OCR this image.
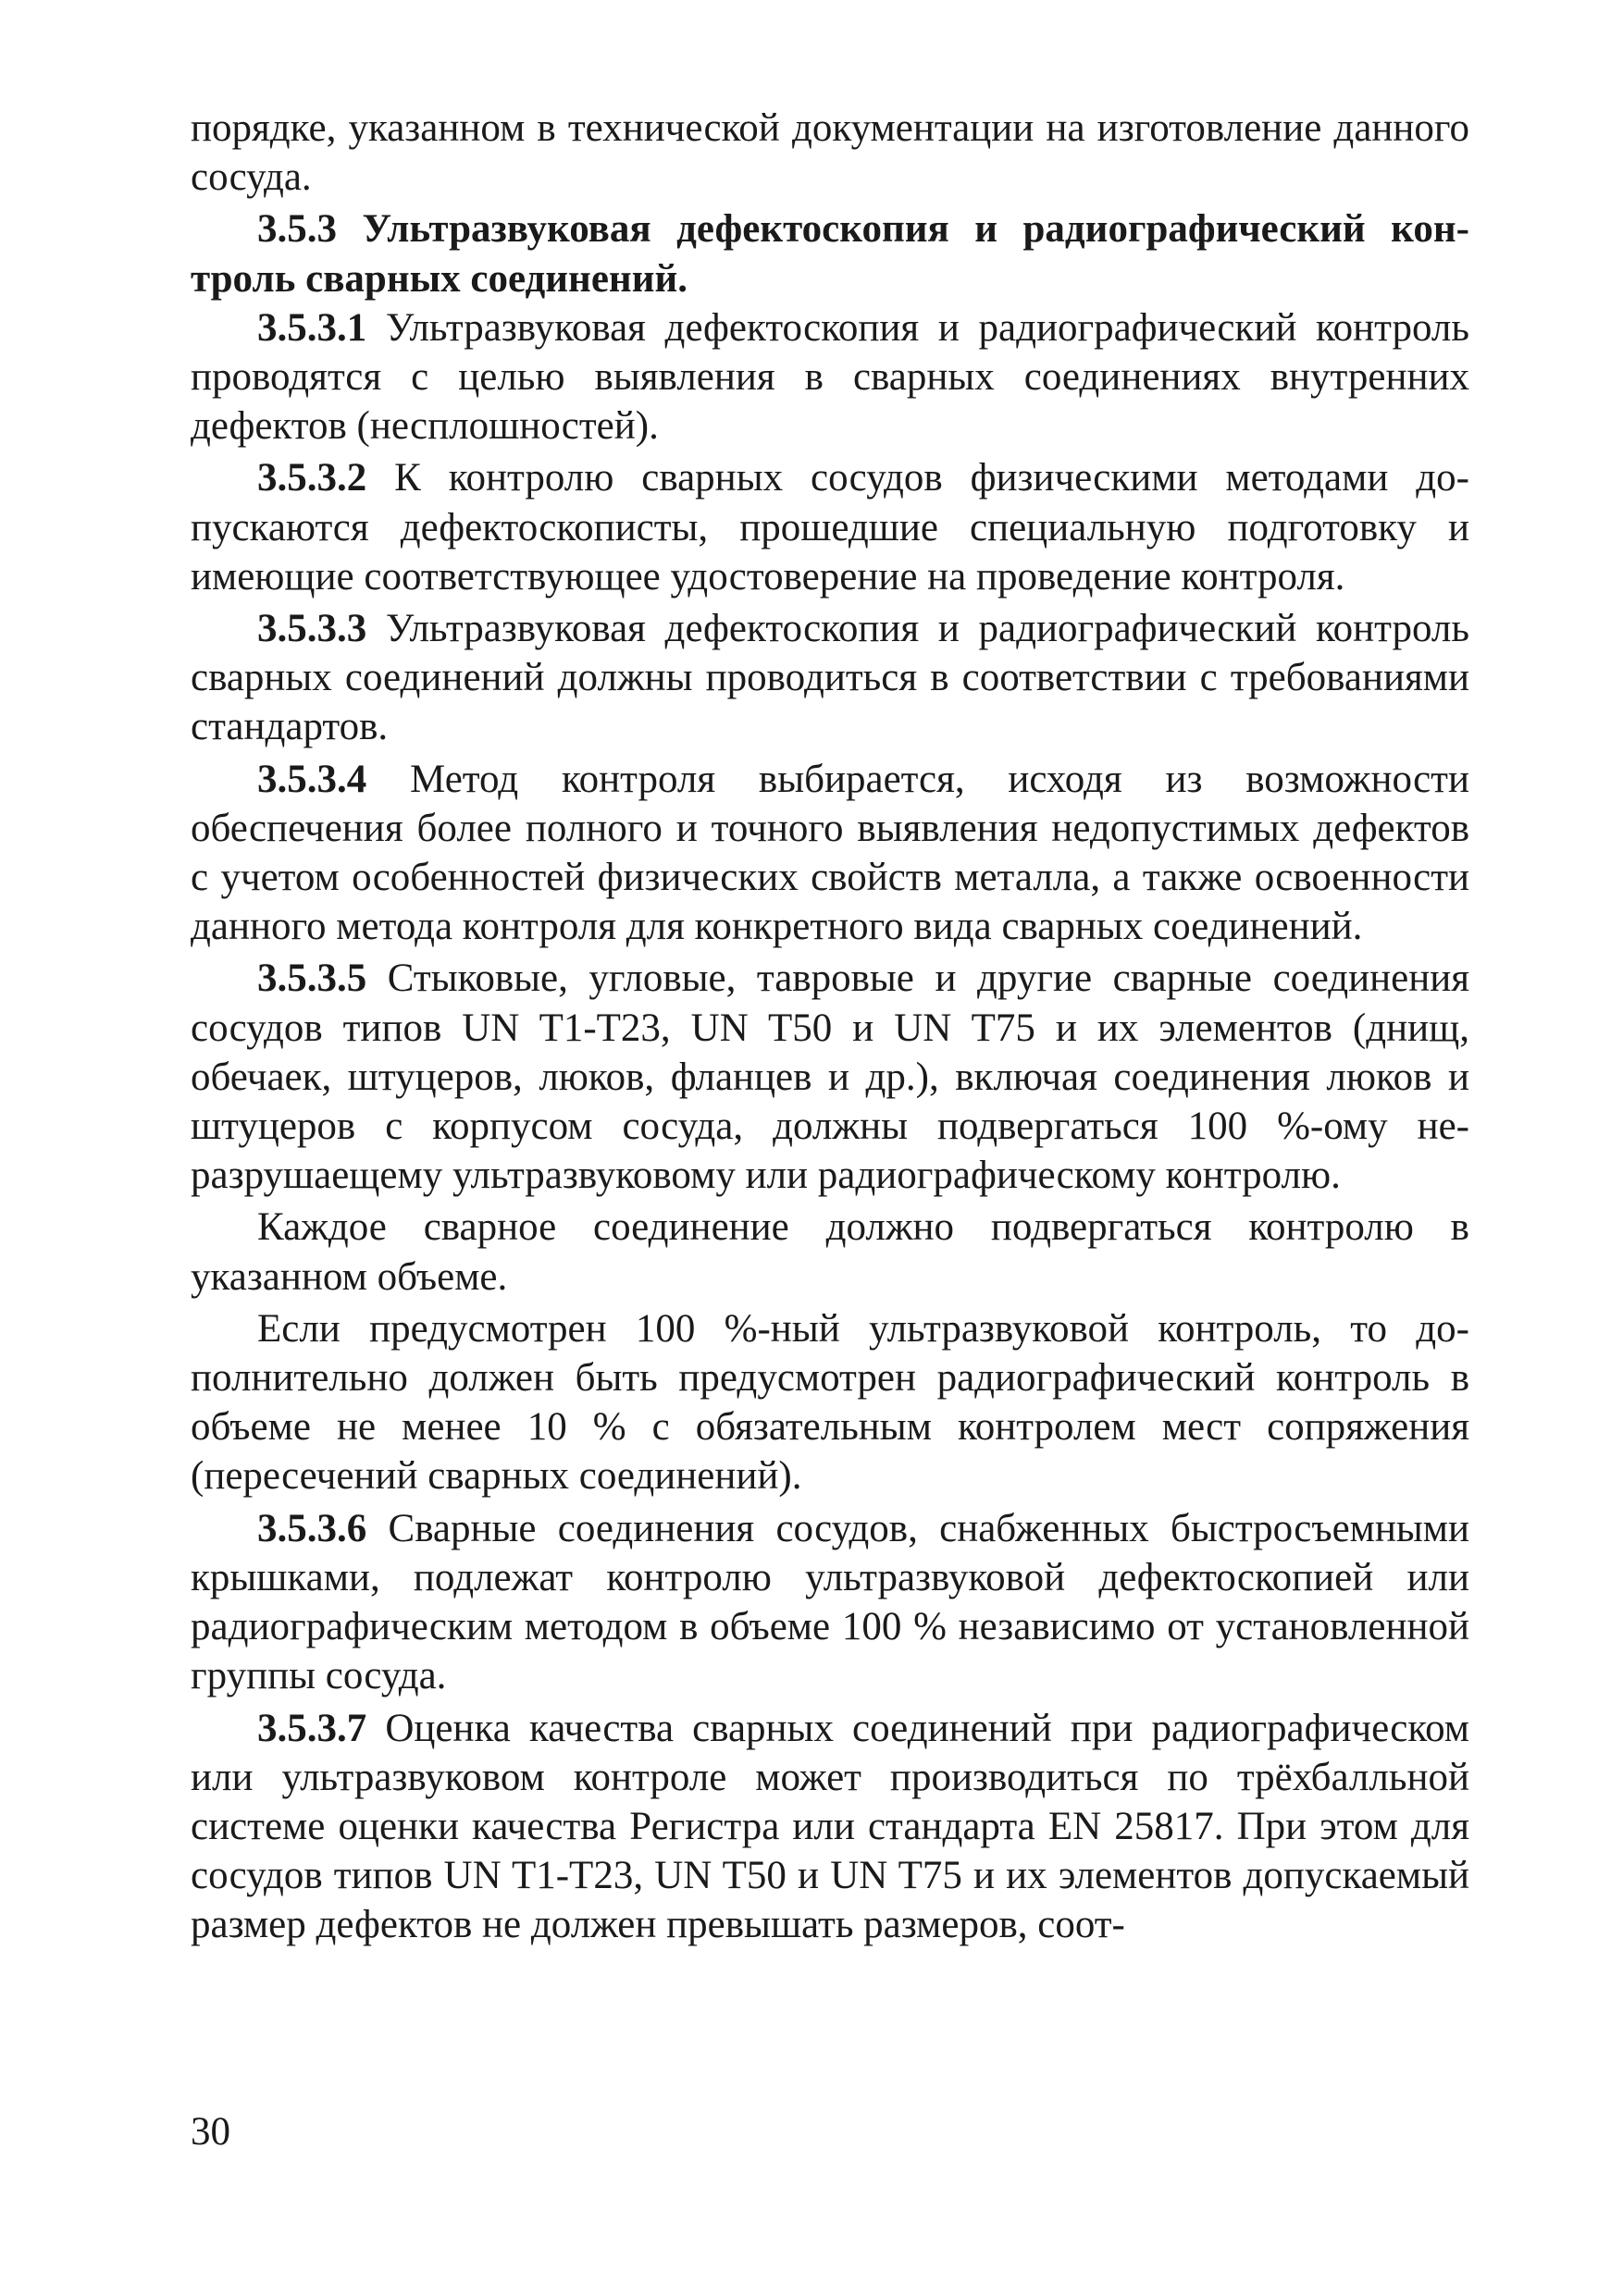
порядке, указанном в технической документации на изготовление данного сосуда.

3.5.3 Ультразвуковая дефектоскопия и радиографический контроль сварных соединений.

3.5.3.1 Ультразвуковая дефектоскопия и радиографический контроль проводятся с целью выявления в сварных соединениях внутренних дефектов (несплошностей).

3.5.3.2 К контролю сварных сосудов физическими методами допускаются дефектоскописты, прошедшие специальную подготовку и имеющие соответствующее удостоверение на проведение контроля.

3.5.3.3 Ультразвуковая дефектоскопия и радиографический контроль сварных соединений должны проводиться в соответствии с требованиями стандартов.

3.5.3.4 Метод контроля выбирается, исходя из возможности обеспечения более полного и точного выявления недопустимых дефектов с учетом особенностей физических свойств металла, а также освоенности данного метода контроля для конкретного вида сварных соединений.

3.5.3.5 Стыковые, угловые, тавровые и другие сварные соединения сосудов типов UN T1-T23, UN T50 и UN T75 и их элементов (днищ, обечаек, штуцеров, люков, фланцев и др.), включая соединения люков и штуцеров с корпусом сосуда, должны подвергаться 100 %-ому неразрушаещему ультразвуковому или радиографическому контролю.

Каждое сварное соединение должно подвергаться контролю в указанном объеме.

Если предусмотрен 100 %-ный ультразвуковой контроль, то дополнительно должен быть предусмотрен радиографический контроль в объеме не менее 10 % с обязательным контролем мест сопряжения (пересечений сварных соединений).

3.5.3.6 Сварные соединения сосудов, снабженных быстросъемными крышками, подлежат контролю ультразвуковой дефектоскопией или радиографическим методом в объеме 100 % независимо от установленной группы сосуда.

3.5.3.7 Оценка качества сварных соединений при радиографическом или ультразвуковом контроле может производиться по трёхбалльной системе оценки качества Регистра или стандарта EN 25817. При этом для сосудов типов UN T1-T23, UN T50 и UN T75 и их элементов допускаемый размер дефектов не должен превышать размеров, соот-

30
